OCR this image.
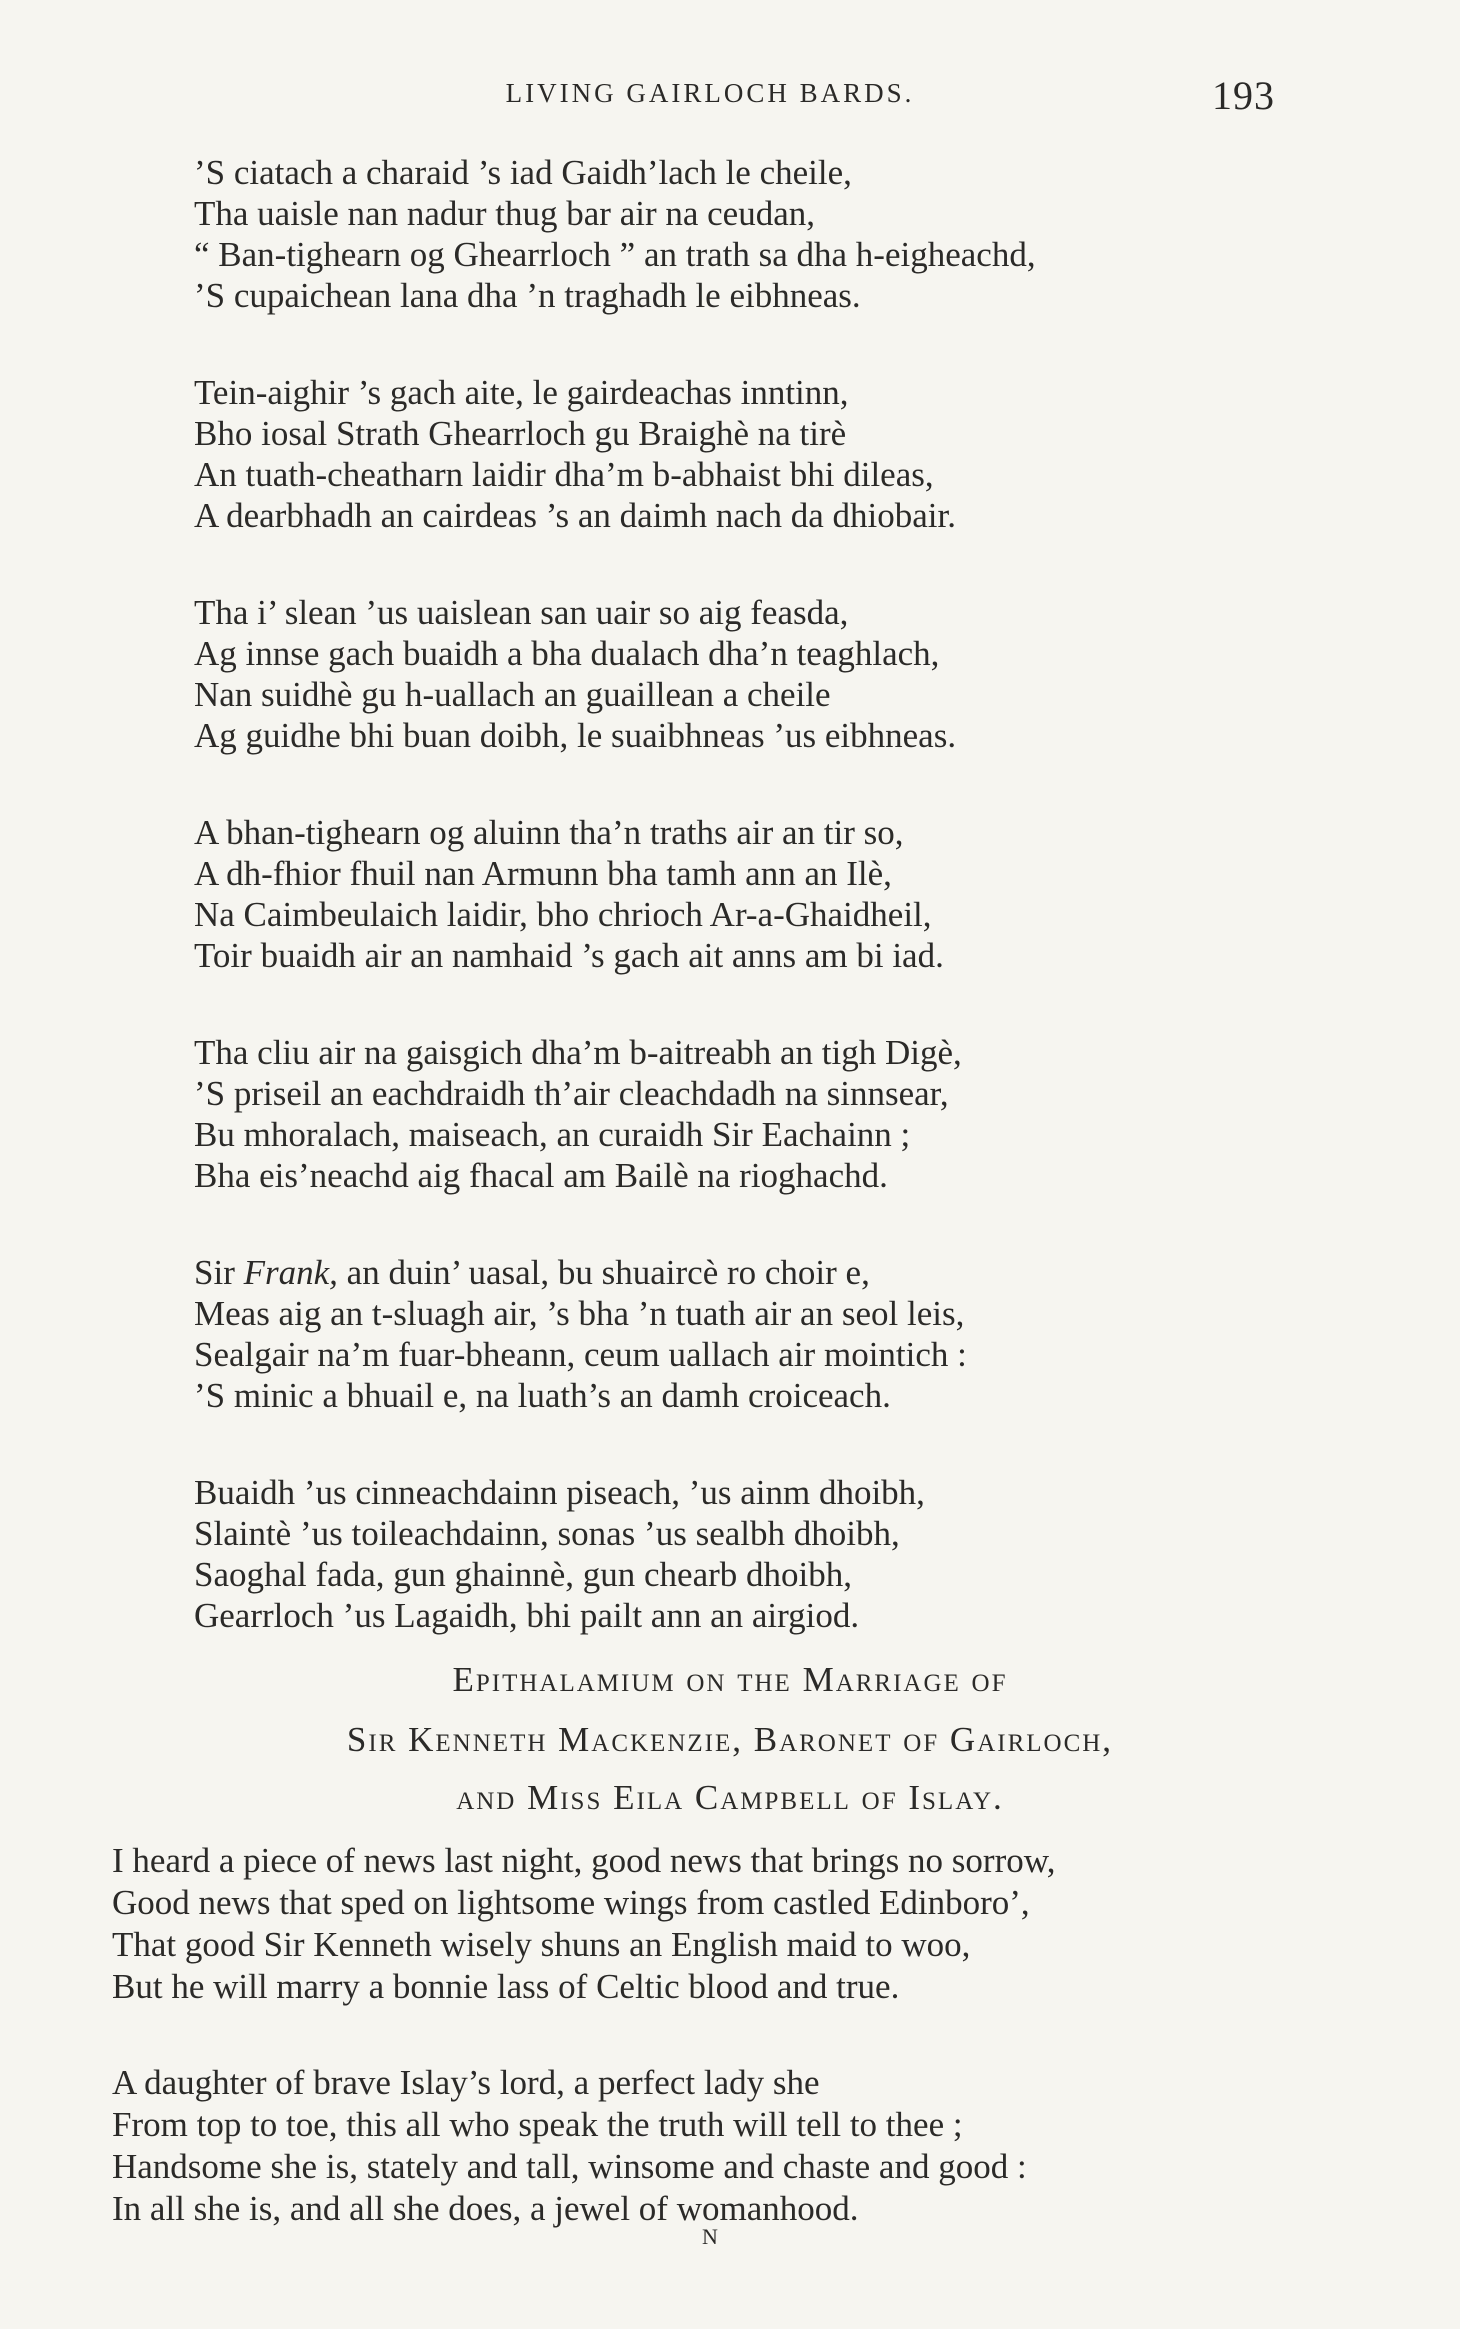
LIVING GAIRLOCH BARDS.	193
’S ciatach a charaid ’s iad Gaidh’lach le cheile,
Tha uaisle nan nadur thug bar air na ceudan,
“ Ban-tighearn og Ghearrloch ” an trath sa dha h-eigheachd,
’S cupaichean lana dha ’n traghadh le eibhneas.
Tein-aighir ’s gach aite, le gairdeachas inntinn,
Bho iosal Strath Ghearrloch gu Braighè na tirè
An tuath-cheatharn laidir dha’m b-abhaist bhi dileas,
A dearbhadh an cairdeas ’s an daimh nach da dhiobair.
Tha i’ slean ’us uaislean san uair so aig feasda,
Ag innse gach buaidh a bha dualach dha’n teaghlach,
Nan suidhè gu h-uallach an guaillean a cheile
Ag guidhe bhi buan doibh, le suaibhneas ’us eibhneas.
A bhan-tighearn og aluinn tha’n traths air an tir so,
A dh-fhior fhuil nan Armunn bha tamh ann an Ilè,
Na Caimbeulaich laidir, bho chrioch Ar-a-Ghaidheil,
Toir buaidh air an namhaid ’s gach ait anns am bi iad.
Tha cliu air na gaisgich dha’m b-aitreabh an tigh Digè,
’S priseil an eachdraidh th’air cleachdadh na sinnsear,
Bu mhoralach, maiseach, an curaidh Sir Eachainn ;
Bha eis’neachd aig fhacal am Bailè na rioghachd.
Sir Frank, an duin’ uasal, bu shuaircè ro choir e,
Meas aig an t-sluagh air, ’s bha ’n tuath air an seol leis,
Sealgair na’m fuar-bheann, ceum uallach air mointich :
’S minic a bhuail e, na luath’s an damh croiceach.
Buaidh ’us cinneachdainn piseach, ’us ainm dhoibh,
Slaintè ’us toileachdainn, sonas ’us sealbh dhoibh,
Saoghal fada, gun ghainnè, gun chearb dhoibh,
Gearrloch ’us Lagaidh, bhi pailt ann an airgiod.
Epithalamium on the Marriage of
Sir Kenneth Mackenzie, Baronet of Gairloch,
and Miss Eila Campbell of Islay.
I heard a piece of news last night, good news that brings no sorrow,
Good news that sped on lightsome wings from castled Edinboro’,
That good Sir Kenneth wisely shuns an English maid to woo,
But he will marry a bonnie lass of Celtic blood and true.
A daughter of brave Islay’s lord, a perfect lady she
From top to toe, this all who speak the truth will tell to thee ;
Handsome she is, stately and tall, winsome and chaste and good :
In all she is, and all she does, a jewel of womanhood.
N
